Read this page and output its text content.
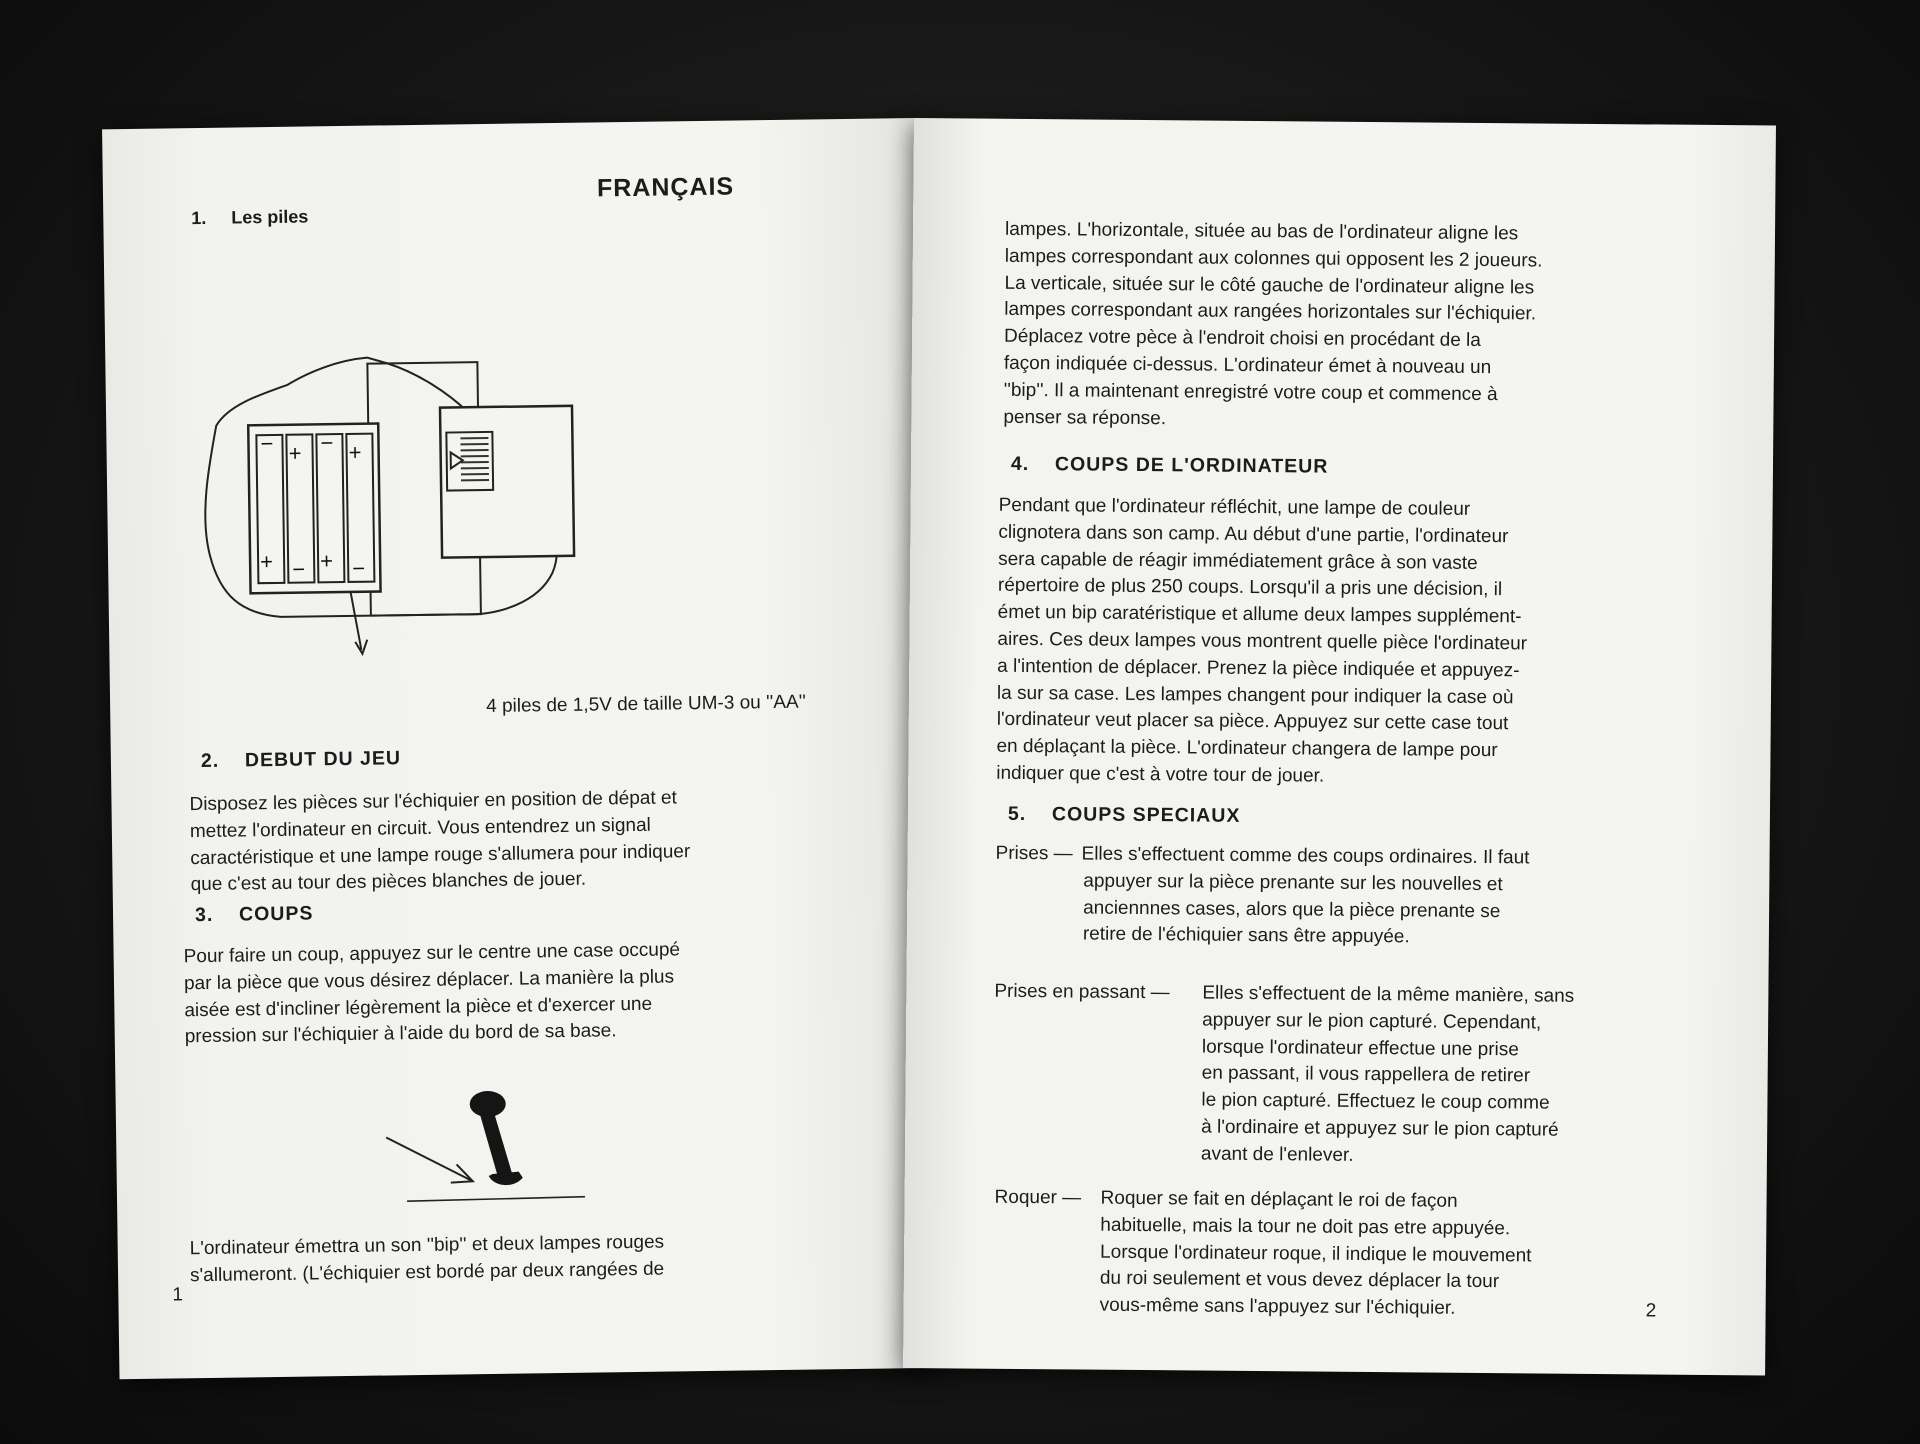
FRANÇAIS
1. Les piles
− + − +
+ − + −
4 piles de 1,5V de taille UM-3 ou ''AA''
2. DEBUT DU JEU

Disposez les pièces sur l'échiquier en position de dépat et

mettez l'ordinateur en circuit. Vous entendrez un signal

caractéristique et une lampe rouge s'allumera pour indiquer

que c'est au tour des pièces blanches de jouer.

3. COUPS

Pour faire un coup, appuyez sur le centre une case occupé

par la pièce que vous désirez déplacer. La manière la plus

aisée est d'incliner légèrement la pièce et d'exercer une

pression sur l'échiquier à l'aide du bord de sa base.

L'ordinateur émettra un son ''bip'' et deux lampes rouges

s'allumeront. (L'échiquier est bordé par deux rangées de

1

lampes. L'horizontale, située au bas de l'ordinateur aligne les

lampes correspondant aux colonnes qui opposent les 2 joueurs.

La verticale, située sur le côté gauche de l'ordinateur aligne les

lampes correspondant aux rangées horizontales sur l'échiquier.

Déplacez votre pèce à l'endroit choisi en procédant de la

façon indiquée ci-dessus. L'ordinateur émet à nouveau un

''bip''. Il a maintenant enregistré votre coup et commence à

penser sa réponse.

4. COUPS DE L'ORDINATEUR

Pendant que l'ordinateur réfléchit, une lampe de couleur

clignotera dans son camp. Au début d'une partie, l'ordinateur

sera capable de réagir immédiatement grâce à son vaste

répertoire de plus 250 coups. Lorsqu'il a pris une décision, il

émet un bip caratéristique et allume deux lampes supplément-

aires. Ces deux lampes vous montrent quelle pièce l'ordinateur

a l'intention de déplacer. Prenez la pièce indiquée et appuyez-

la sur sa case. Les lampes changent pour indiquer la case où

l'ordinateur veut placer sa pièce. Appuyez sur cette case tout

en déplaçant la pièce. L'ordinateur changera de lampe pour

indiquer que c'est à votre tour de jouer.

5. COUPS SPECIAUX
Prises — Elles s'effectuent comme des coups ordinaires. Il faut

appuyer sur la pièce prenante sur les nouvelles et

anciennnes cases, alors que la pièce prenante se

retire de l'échiquier sans être appuyée.

Prises en passant — Elles s'effectuent de la même manière, sans

appuyer sur le pion capturé. Cependant,

lorsque l'ordinateur effectue une prise

en passant, il vous rappellera de retirer

le pion capturé. Effectuez le coup comme

à l'ordinaire et appuyez sur le pion capturé

avant de l'enlever.

Roquer — Roquer se fait en déplaçant le roi de façon

habituelle, mais la tour ne doit pas etre appuyée.

Lorsque l'ordinateur roque, il indique le mouvement

du roi seulement et vous devez déplacer la tour

vous-même sans l'appuyez sur l'échiquier.	2
